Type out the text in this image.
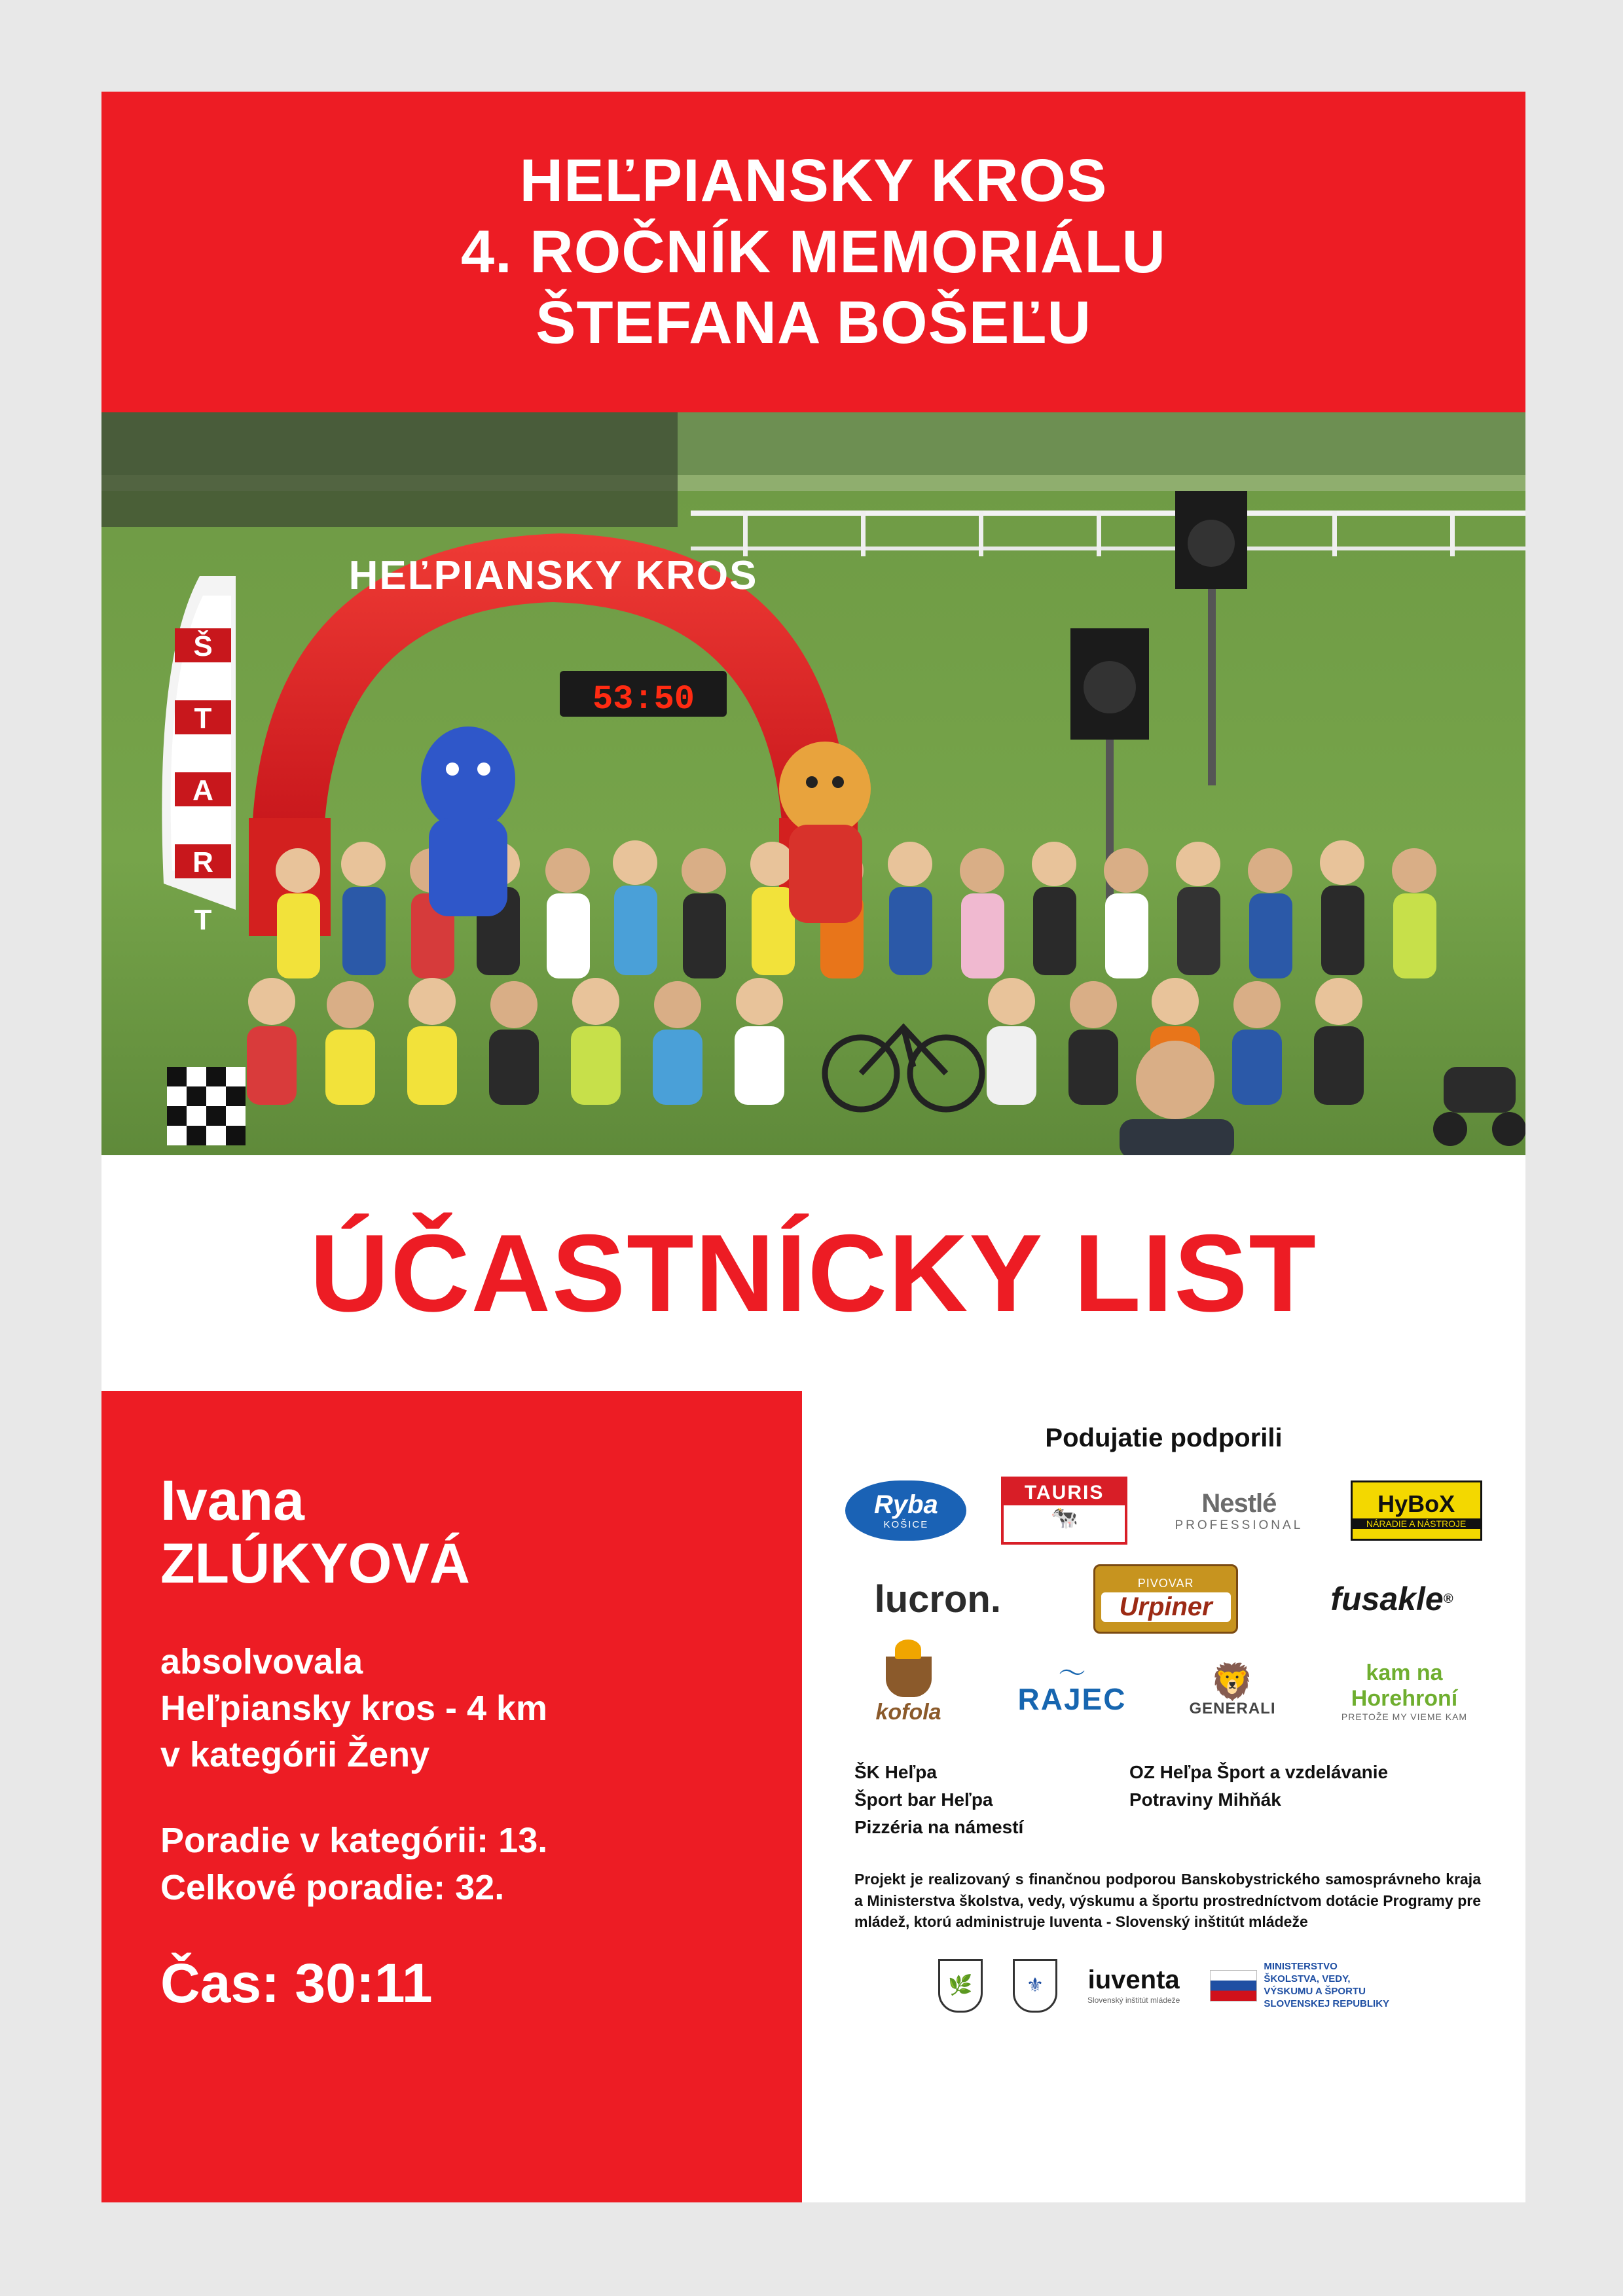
HEĽPIANSKY KROS
4. ROČNÍK MEMORIÁLU
ŠTEFANA BOŠEĽU
HEĽPIANSKY KROS
53:50
Š
T
A
R
T
ÚČASTNÍCKY LIST
Ivana
ZLÚKYOVÁ
absolvovala
Heľpiansky kros - 4 km
v kategórii Ženy
Poradie v kategórii: 13.
Celkové poradie: 32.
Čas: 30:11
Podujatie podporili
Ryba
KOŠICE
TAURIS
🐄
Nestlé
PROFESSIONAL
HyBoX
NÁRADIE A NÁSTROJE
lucron.	PIVOVAR
Urpiner	fusakle ®
kofola
〜
RAJEC 🦁
GENERALI
kam na Horehroní
PRETOŽE MY VIEME KAM
ŠK Heľpa
Šport bar Heľpa
Pizzéria na námestí
OZ Heľpa Šport a vzdelávanie
Potraviny Mihňák
Projekt je realizovaný s finančnou podporou Banskobystrického samosprávneho kraja a Ministerstva školstva, vedy, výskumu a športu prostredníctvom dotácie Programy pre mládež, ktorú administruje Iuventa - Slovenský inštitút mládeže
🌿	⚜	iuventa
Slovenský inštitút mládeže
MINISTERSTVO
ŠKOLSTVA, VEDY,
VÝSKUMU A ŠPORTU
SLOVENSKEJ REPUBLIKY
